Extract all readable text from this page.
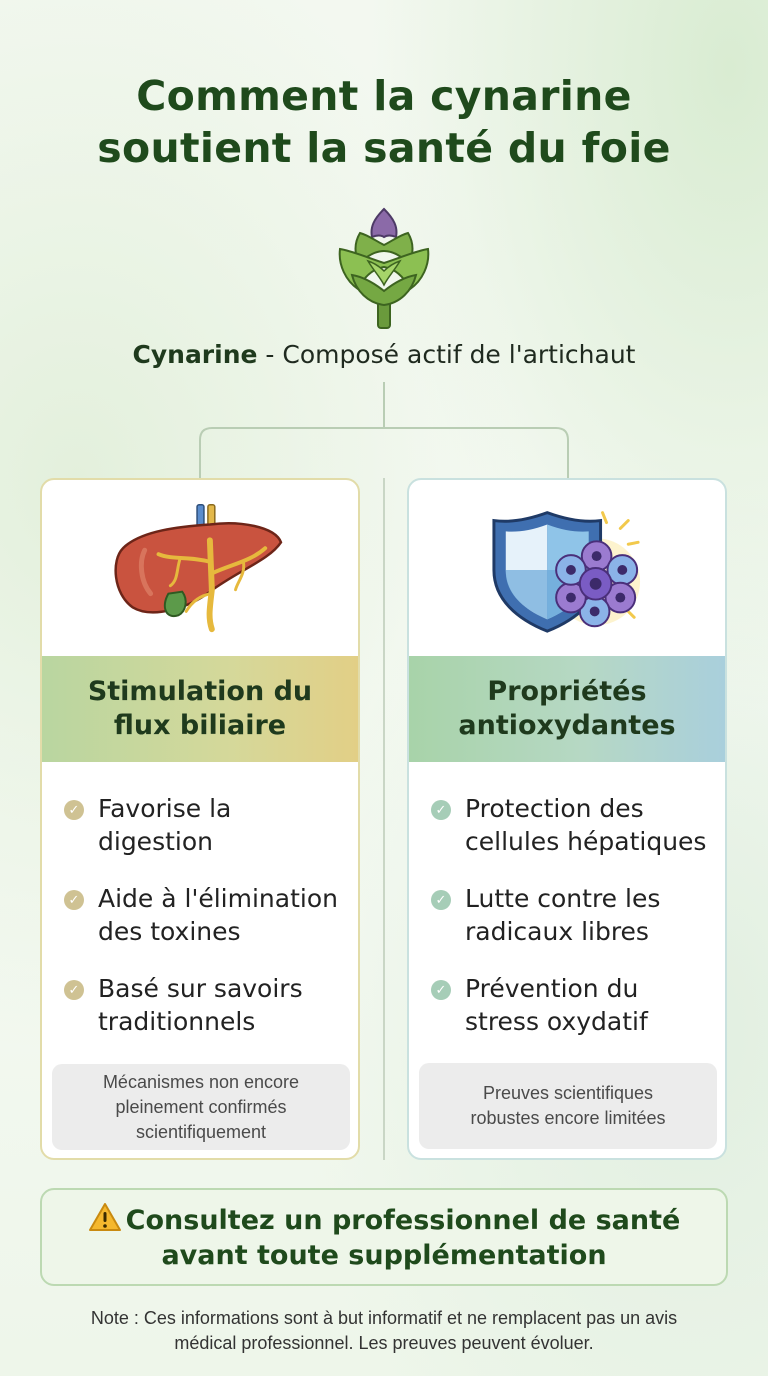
Comment la cynarine
soutient la santé du foie
Cynarine - Composé actif de l'artichaut
Stimulation du
flux biliaire
✓ Favorise la
digestion
✓ Aide à l'élimination
des toxines
✓ Basé sur savoirs
traditionnels
Mécanismes non encore
pleinement confirmés
scientifiquement
Propriétés
antioxydantes
✓ Protection des
cellules hépatiques
✓ Lutte contre les
radicaux libres
✓ Prévention du
stress oxydatif
Preuves scientifiques
robustes encore limitées
Consultez un professionnel de santé
avant toute supplémentation
Note : Ces informations sont à but informatif et ne remplacent pas un avis
médical professionnel. Les preuves peuvent évoluer.
